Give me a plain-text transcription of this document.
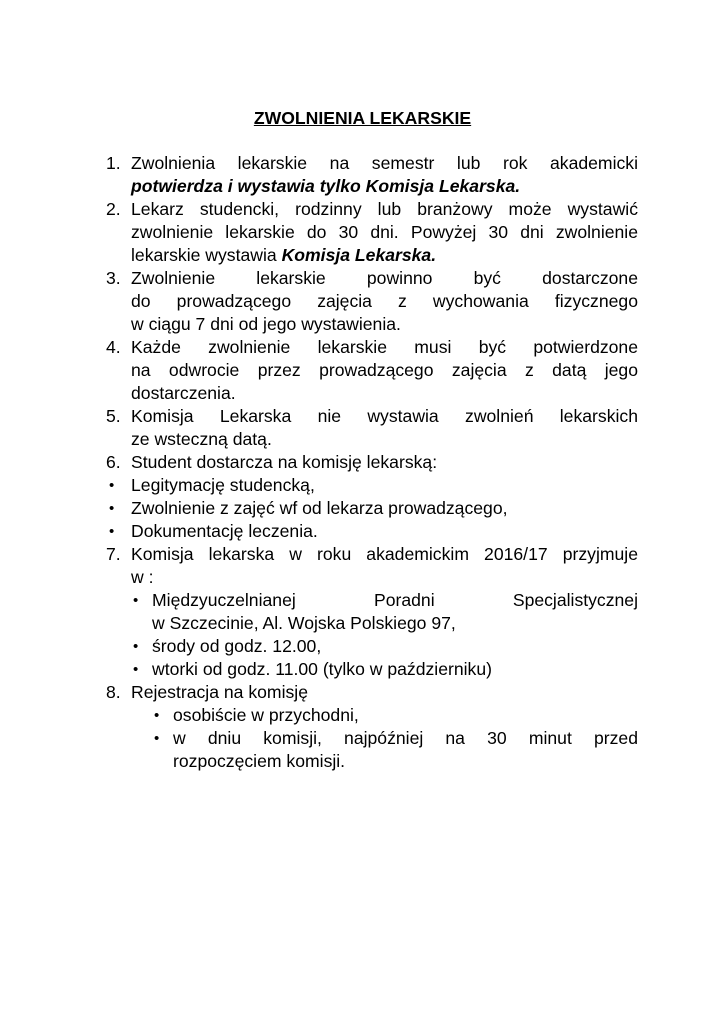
ZWOLNIENIA LEKARSKIE
1. Zwolnienia lekarskie na semestr lub rok akademicki
potwierdza i wystawia tylko Komisja Lekarska.
2. Lekarz studencki, rodzinny lub branżowy może wystawić
zwolnienie lekarskie do 30 dni. Powyżej 30 dni zwolnienie
lekarskie wystawia Komisja Lekarska.
3. Zwolnienie lekarskie powinno być dostarczone
do prowadzącego zajęcia z wychowania fizycznego
w ciągu 7 dni od jego wystawienia.
4. Każde zwolnienie lekarskie musi być potwierdzone
na odwrocie przez prowadzącego zajęcia z datą jego
dostarczenia.
5. Komisja Lekarska nie wystawia zwolnień lekarskich
ze wsteczną datą.
6. Student dostarcza na komisję lekarską:
• Legitymację studencką,
• Zwolnienie z zajęć wf od lekarza prowadzącego,
• Dokumentację leczenia.
7. Komisja lekarska w roku akademickim 2016/17 przyjmuje
w :
• Międzyuczelnianej Poradni Specjalistycznej
w Szczecinie, Al. Wojska Polskiego 97,
• środy od godz. 12.00,
• wtorki od godz. 11.00 (tylko w październiku)
8. Rejestracja na komisję
• osobiście w przychodni,
• w dniu komisji, najpóźniej na 30 minut przed
rozpoczęciem komisji.
